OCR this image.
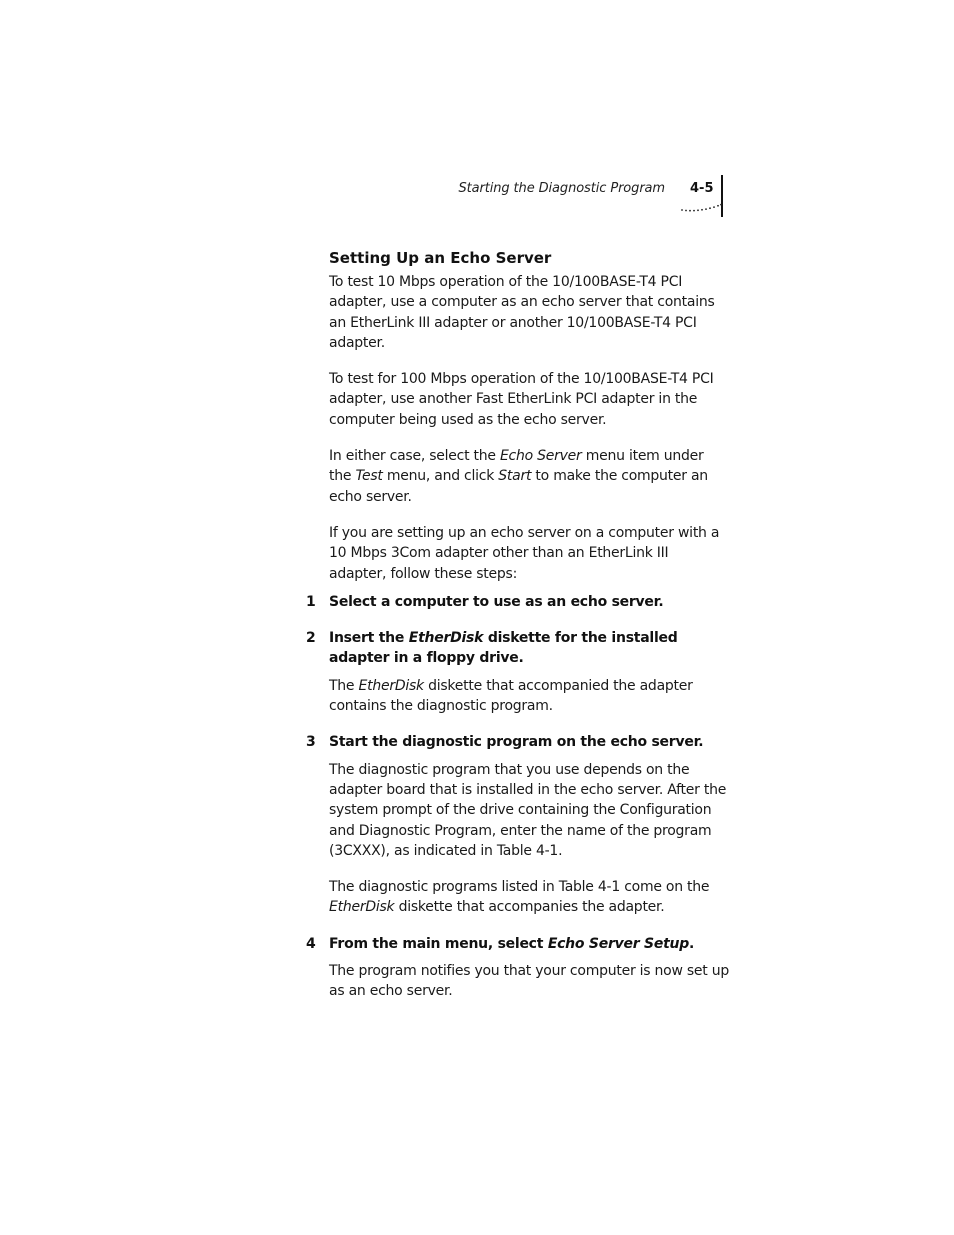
Starting the Diagnostic Program 4-5
Setting Up an Echo Server

To test 10 Mbps operation of the 10/100BASE-T4 PCI adapter, use a computer as an echo server that contains an EtherLink III adapter or another 10/100BASE-T4 PCI adapter.

To test for 100 Mbps operation of the 10/100BASE-T4 PCI adapter, use another Fast EtherLink PCI adapter in the computer being used as the echo server.

In either case, select the Echo Server menu item under the Test menu, and click Start to make the computer an echo server.

If you are setting up an echo server on a computer with a 10 Mbps 3Com adapter other than an EtherLink III adapter, follow these steps:

1 Select a computer to use as an echo server.
2 Insert the EtherDisk diskette for the installed adapter in a floppy drive.

The EtherDisk diskette that accompanied the adapter contains the diagnostic program.

3 Start the diagnostic program on the echo server.

The diagnostic program that you use depends on the adapter board that is installed in the echo server. After the system prompt of the drive containing the Configuration and Diagnostic Program, enter the name of the program (3CXXX), as indicated in Table 4-1.

The diagnostic programs listed in Table 4-1 come on the EtherDisk diskette that accompanies the adapter.

4 From the main menu, select Echo Server Setup.

The program notifies you that your computer is now set up as an echo server.
